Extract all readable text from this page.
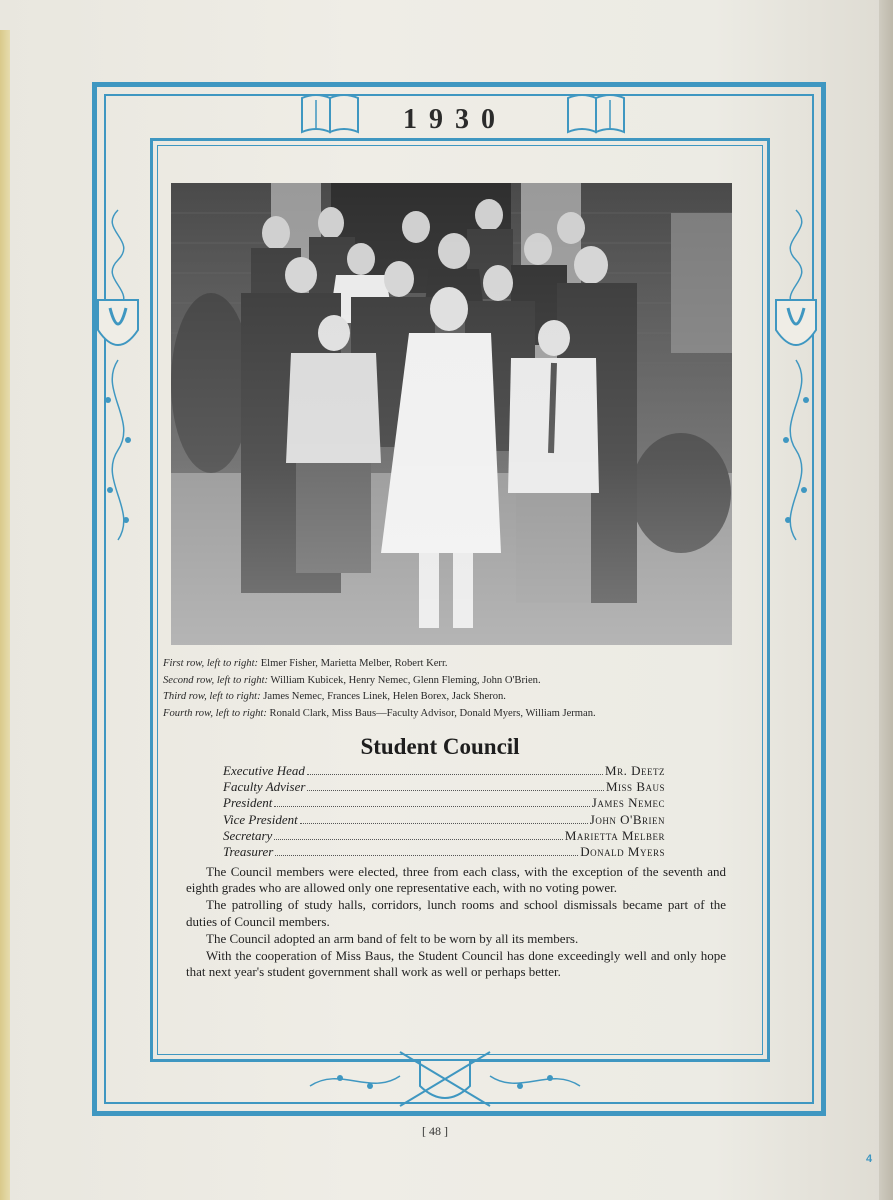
1930
First row, left to right: Elmer Fisher, Marietta Melber, Robert Kerr.
Second row, left to right: William Kubicek, Henry Nemec, Glenn Fleming, John O'Brien.
Third row, left to right: James Nemec, Frances Linek, Helen Borex, Jack Sheron.
Fourth row, left to right: Ronald Clark, Miss Baus—Faculty Advisor, Donald Myers, William Jerman.
Student Council
Executive Head	Mr. Deetz
Faculty Adviser	Miss Baus
President	James Nemec
Vice President	John O'Brien
Secretary	Marietta Melber
Treasurer	Donald Myers

The Council members were elected, three from each class, with the exception of the seventh and eighth grades who are allowed only one representative each, with no voting power.

The patrolling of study halls, corridors, lunch rooms and school dismissals became part of the duties of Council members.

The Council adopted an arm band of felt to be worn by all its members.

With the cooperation of Miss Baus, the Student Council has done exceedingly well and only hope that next year's student government shall work as well or perhaps better.

[ 48 ]
4
